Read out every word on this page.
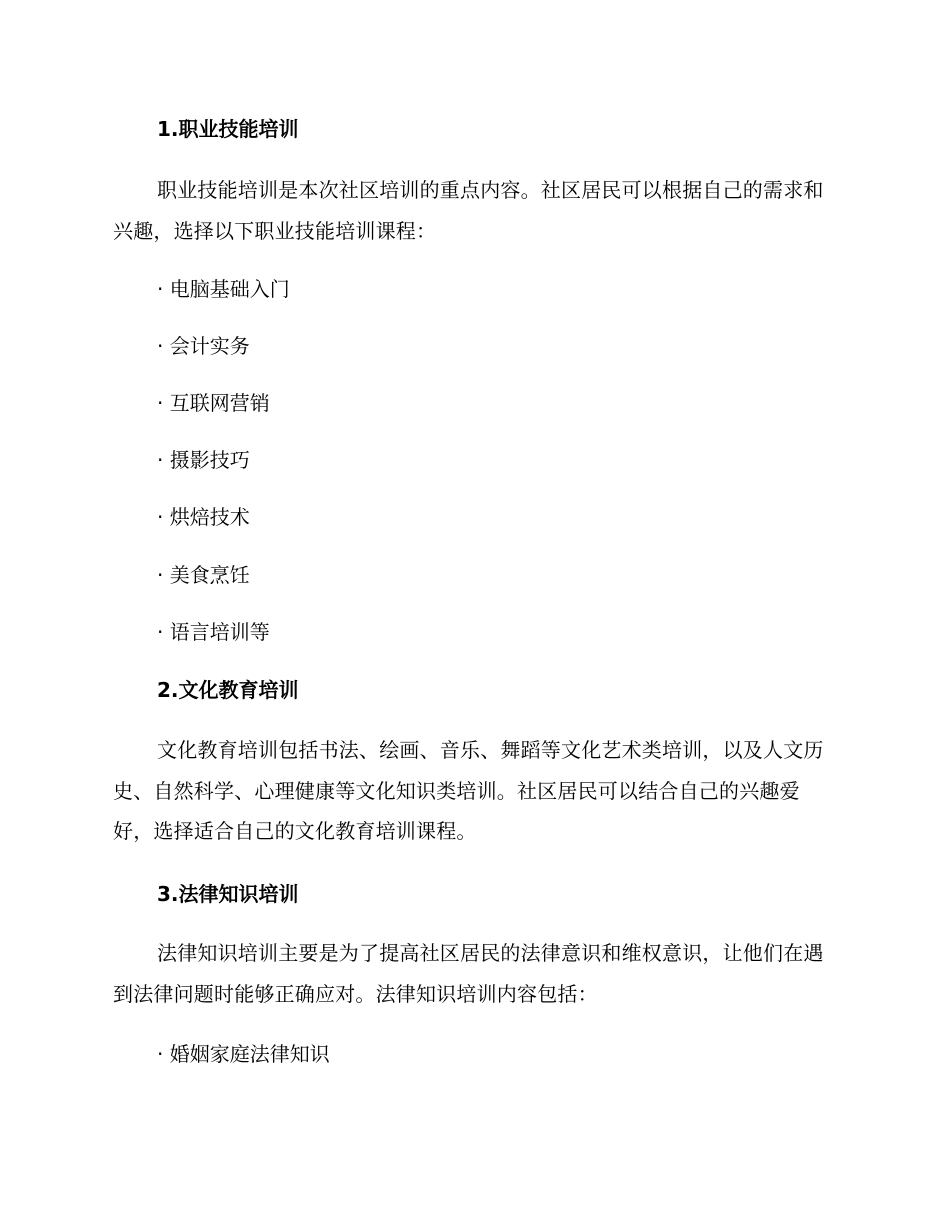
1.职业技能培训
职业技能培训是本次社区培训的重点内容。社区居民可以根据自己的需求和兴趣，选择以下职业技能培训课程：
· 电脑基础入门
· 会计实务
· 互联网营销
· 摄影技巧
· 烘焙技术
· 美食烹饪
· 语言培训等
2.文化教育培训
文化教育培训包括书法、绘画、音乐、舞蹈等文化艺术类培训，以及人文历史、自然科学、心理健康等文化知识类培训。社区居民可以结合自己的兴趣爱好，选择适合自己的文化教育培训课程。
3.法律知识培训
法律知识培训主要是为了提高社区居民的法律意识和维权意识，让他们在遇到法律问题时能够正确应对。法律知识培训内容包括：
· 婚姻家庭法律知识
